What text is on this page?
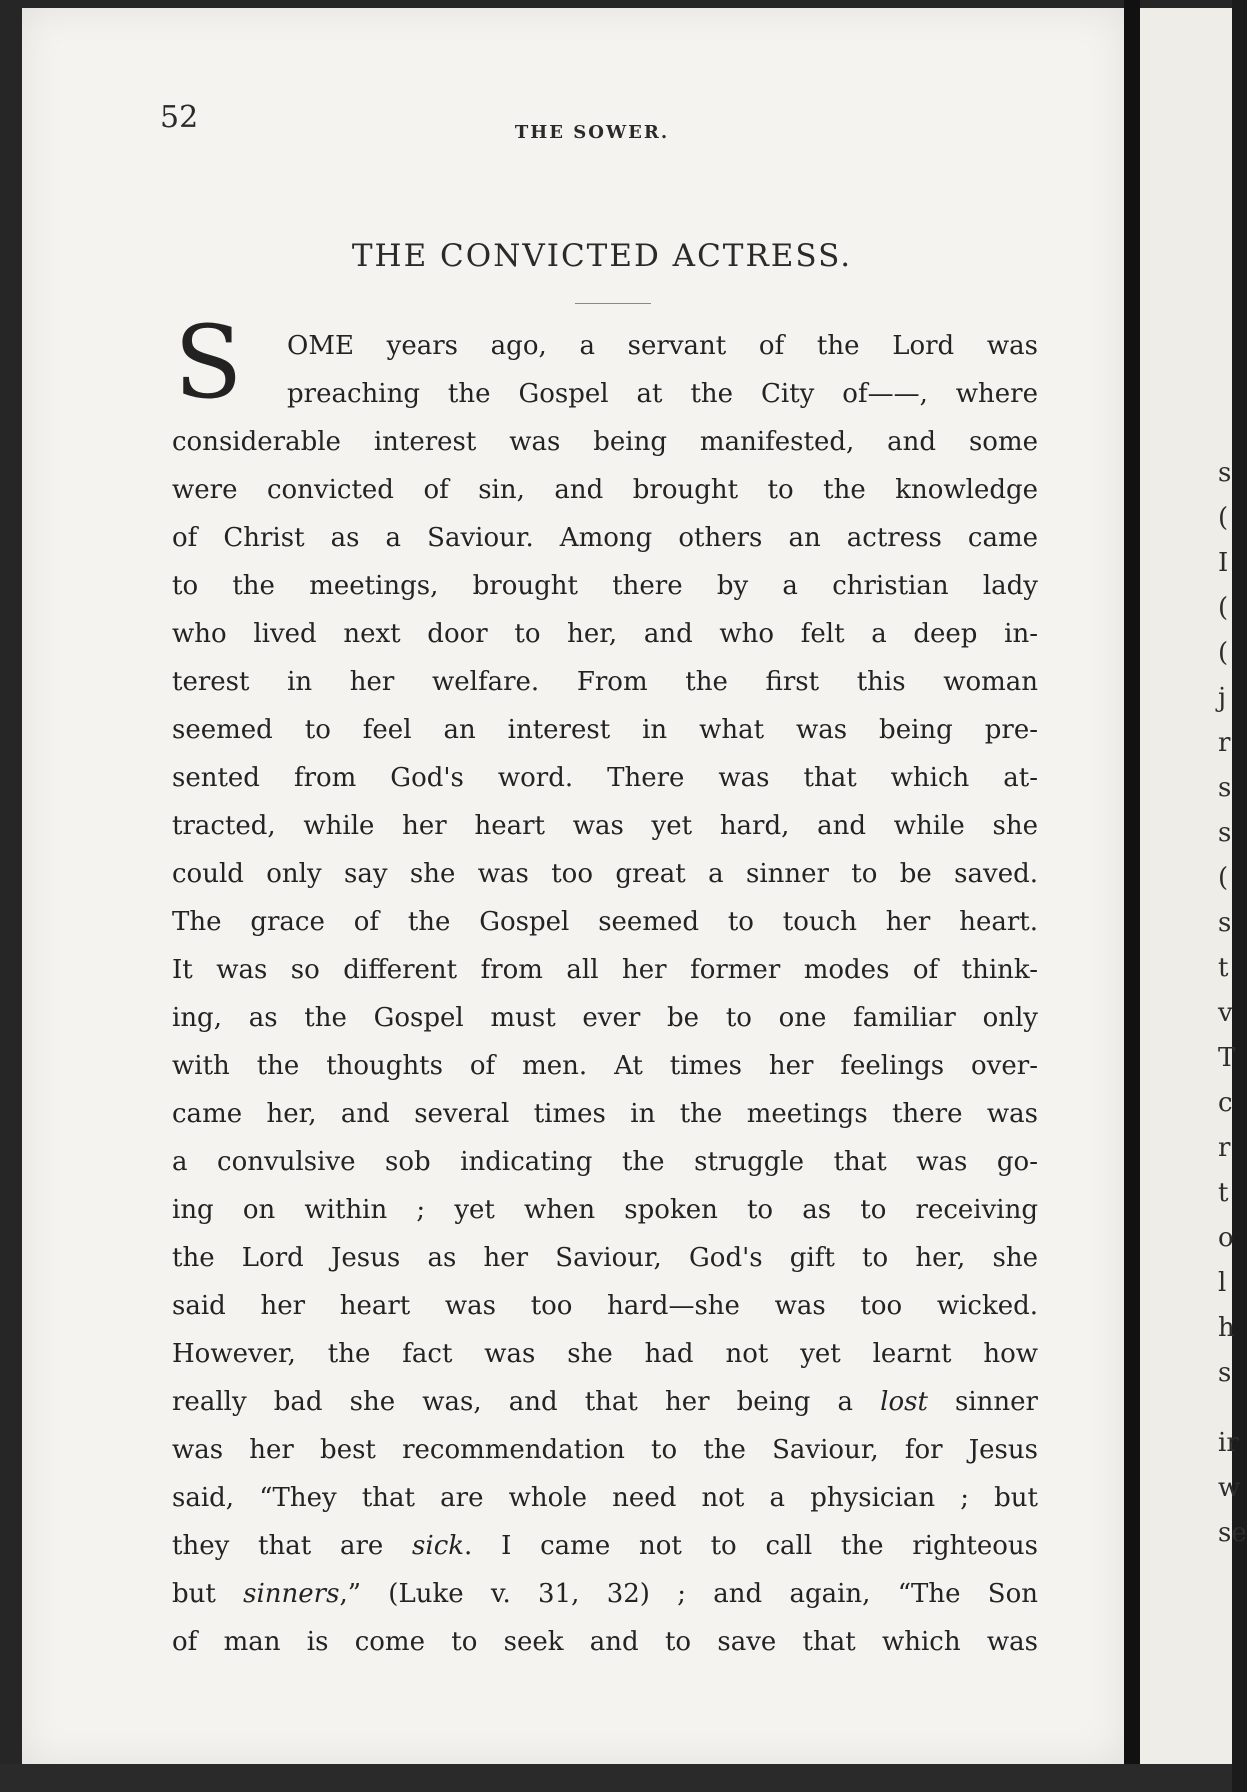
52	THE SOWER.

THE CONVICTED ACTRESS.

S OME years ago, a servant of the Lord was

preaching the Gospel at the City of——, where

considerable interest was being manifested, and some

were convicted of sin, and brought to the knowledge

of Christ as a Saviour. Among others an actress came

to the meetings, brought there by a christian lady

who lived next door to her, and who felt a deep in-

terest in her welfare. From the first this woman

seemed to feel an interest in what was being pre-

sented from God's word. There was that which at-

tracted, while her heart was yet hard, and while she

could only say she was too great a sinner to be saved.

The grace of the Gospel seemed to touch her heart.

It was so different from all her former modes of think-

ing, as the Gospel must ever be to one familiar only

with the thoughts of men. At times her feelings over-

came her, and several times in the meetings there was

a convulsive sob indicating the struggle that was go-

ing on within ; yet when spoken to as to receiving

the Lord Jesus as her Saviour, God's gift to her, she

said her heart was too hard—she was too wicked.

However, the fact was she had not yet learnt how

really bad she was, and that her being a lost sinner

was her best recommendation to the Saviour, for Jesus

said, “They that are whole need not a physician ; but

they that are sick. I came not to call the righteous

but sinners,” (Luke v. 31, 32) ; and again, “The Son

of man is come to seek and to save that which was

s

(

I

(

(

j

r

s

s

(

s

t

v

T

c

r

t

o

l

h

s

ir

w

se
